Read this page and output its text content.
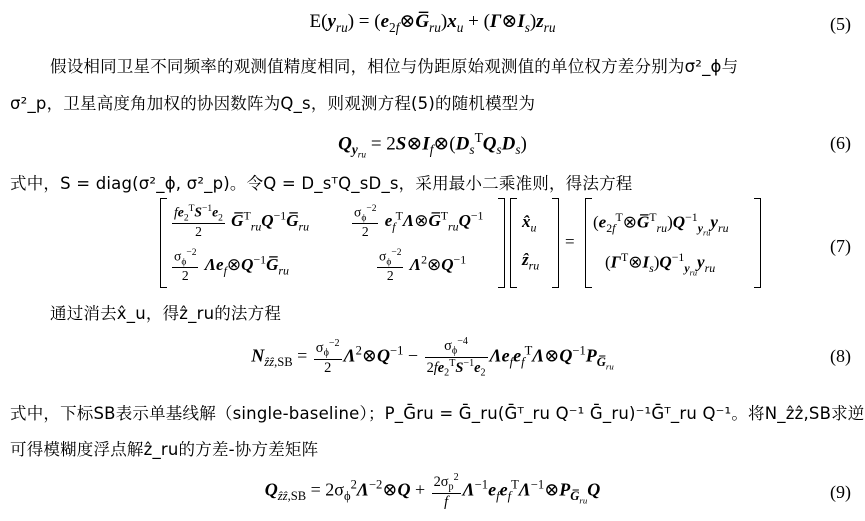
$E(y_{ru})$ = $(e_{2f}\otimes G̅_{ru})x_u$ + $(\Gamma\otimes I_s)z_{ru}$	(5)
假设相同卫星不同频率的观测值精度相同，相位与伪距原始观测值的单位权方差分别为σ²_ϕ与
σ²_p，卫星高度角加权的协因数阵为Q_s，则观测方程(5)的随机模型为
$Q_{y_{ru}}$ = $2S\otimes I_f\otimes(D_s^TQ_sD_s)$	(6)
式中，S = diag(σ²_ϕ, σ²_p)。令Q = D_sᵀQ_sD_s，采用最小二乘准则，得法方程
$\frac{fe_2^TS^{-1}e_2}{2}$ $G̅^T_{ru}Q^{-1}G̅_{ru}$	$\frac{\sigma_\phi^{-2}}{2}$ $e_f^T\Lambda\otimes G̅^T_{ru}Q^{-1}$
$\frac{\sigma_\phi^{-2}}{2}$ $\Lambda e_f\otimes Q^{-1}G̅_{ru}$	$\frac{\sigma_\phi^{-2}}{2}$ $\Lambda^2\otimes Q^{-1}$
$x̂_u$
ẑ$_{ru}$
=
$(e_{2f}^T\otimes G̅^T_{ru})Q^{-1}_{y_{ru}}y_{ru}$
$(\Gamma^T\otimes I_s)Q^{-1}_{y_{ru}}y_{ru}$
(7)
通过消去x̂_u，得ẑ_ru的法方程
$N_{ẑẑ,SB} = \frac{\sigma_\phi^{-2}}{2}$ $\Lambda^2\otimes Q^{-1} - \frac{\sigma_\phi^{-4}}{2fe_2^TS^{-1}e_2}$ $\Lambda e_fe_f^T\Lambda\otimes Q^{-1}P_{G̅_{ru}}$
(8)
式中，下标SB表示单基线解（single-baseline）；P_Ḡru = Ḡ_ru(Ḡᵀ_ru Q⁻¹ Ḡ_ru)⁻¹Ḡᵀ_ru Q⁻¹。将N_ẑẑ,SB求逆
可得模糊度浮点解ẑ_ru的方差-协方差矩阵
$Q_{ẑẑ,SB}$ = $2\sigma_\phi^2\Lambda^{-2}\otimes Q + \frac{2\sigma_p^2}{f}$ $\Lambda^{-1}e_fe_f^T\Lambda^{-1}\otimes P_{G̅_{ru}}Q$	(9)
